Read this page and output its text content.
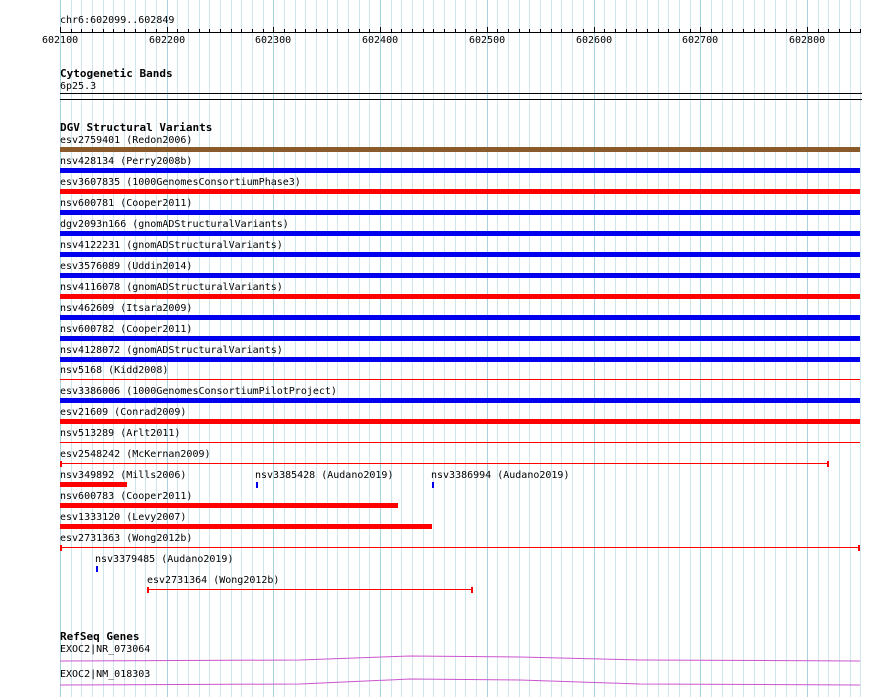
chr6:602099..602849
602100	602200	602300	602400	602500	602600	602700	602800
Cytogenetic Bands
6p25.3
DGV Structural Variants
esv2759401 (Redon2006)
nsv428134 (Perry2008b)
esv3607835 (1000GenomesConsortiumPhase3)
nsv600781 (Cooper2011)
dgv2093n166 (gnomADStructuralVariants)
nsv4122231 (gnomADStructuralVariants)
esv3576089 (Uddin2014)
nsv4116078 (gnomADStructuralVariants)
nsv462609 (Itsara2009)
nsv600782 (Cooper2011)
nsv4128072 (gnomADStructuralVariants)
nsv5168 (Kidd2008)
esv3386006 (1000GenomesConsortiumPilotProject)
esv21609 (Conrad2009)
nsv513289 (Arlt2011)
esv2548242 (McKernan2009)
nsv349892 (Mills2006)	nsv3385428 (Audano2019)	nsv3386994 (Audano2019)
nsv600783 (Cooper2011)
esv1333120 (Levy2007)
esv2731363 (Wong2012b)
nsv3379485 (Audano2019)
esv2731364 (Wong2012b)
RefSeq Genes
EXOC2|NR_073064
EXOC2|NM_018303
